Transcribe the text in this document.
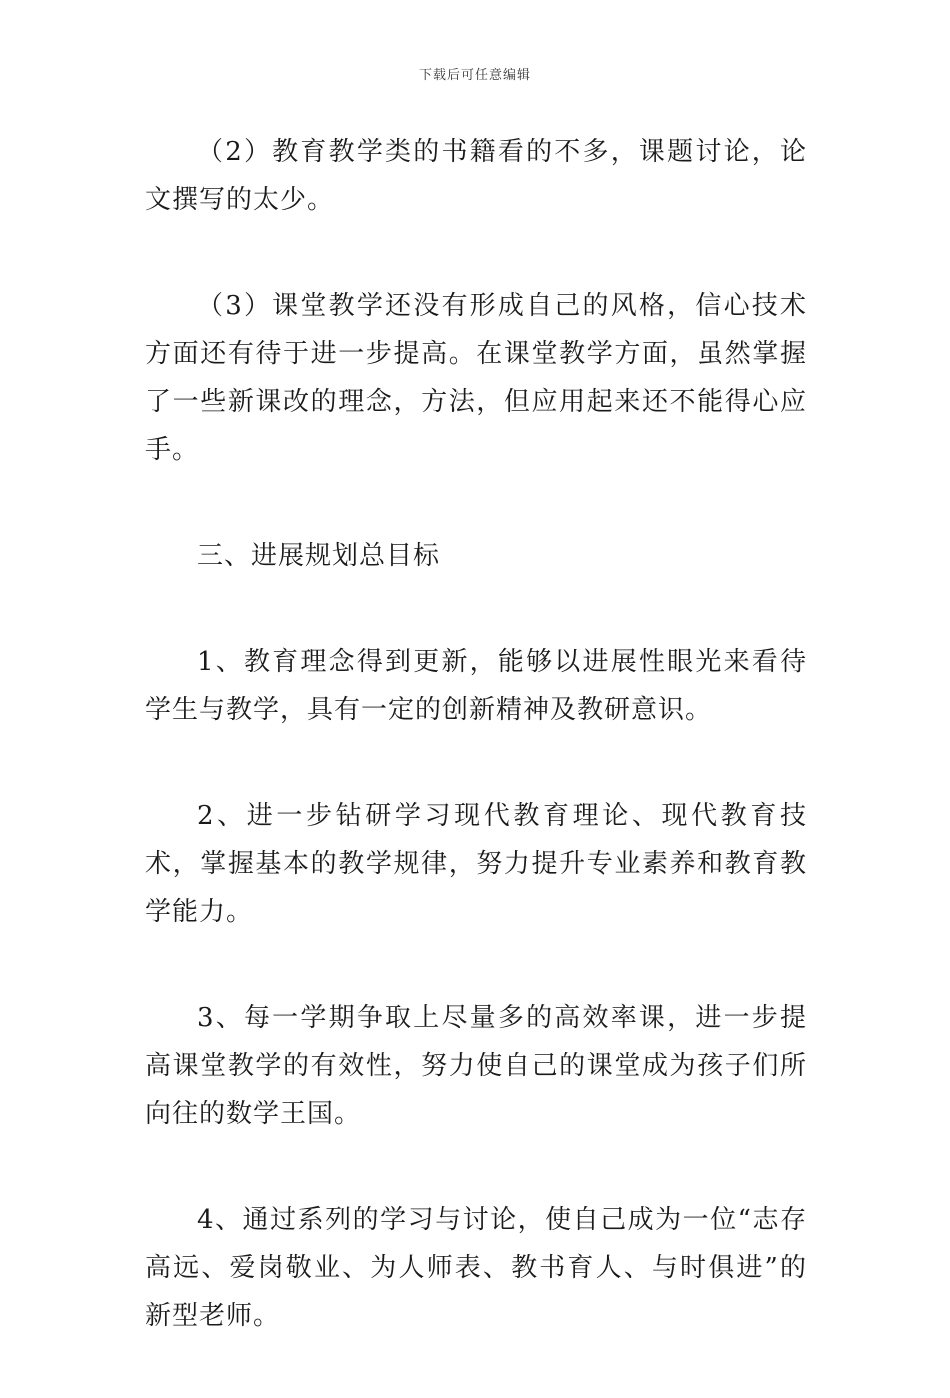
下载后可任意编辑

（2）教育教学类的书籍看的不多，课题讨论，论文撰写的太少。

（3）课堂教学还没有形成自己的风格，信心技术方面还有待于进一步提高。在课堂教学方面，虽然掌握了一些新课改的理念，方法，但应用起来还不能得心应手。

三、进展规划总目标

1、教育理念得到更新，能够以进展性眼光来看待学生与教学，具有一定的创新精神及教研意识。

2、进一步钻研学习现代教育理论、现代教育技术，掌握基本的教学规律，努力提升专业素养和教育教学能力。

3、每一学期争取上尽量多的高效率课，进一步提高课堂教学的有效性，努力使自己的课堂成为孩子们所向往的数学王国。

4、通过系列的学习与讨论，使自己成为一位“志存高远、爱岗敬业、为人师表、教书育人、与时俱进”的新型老师。
